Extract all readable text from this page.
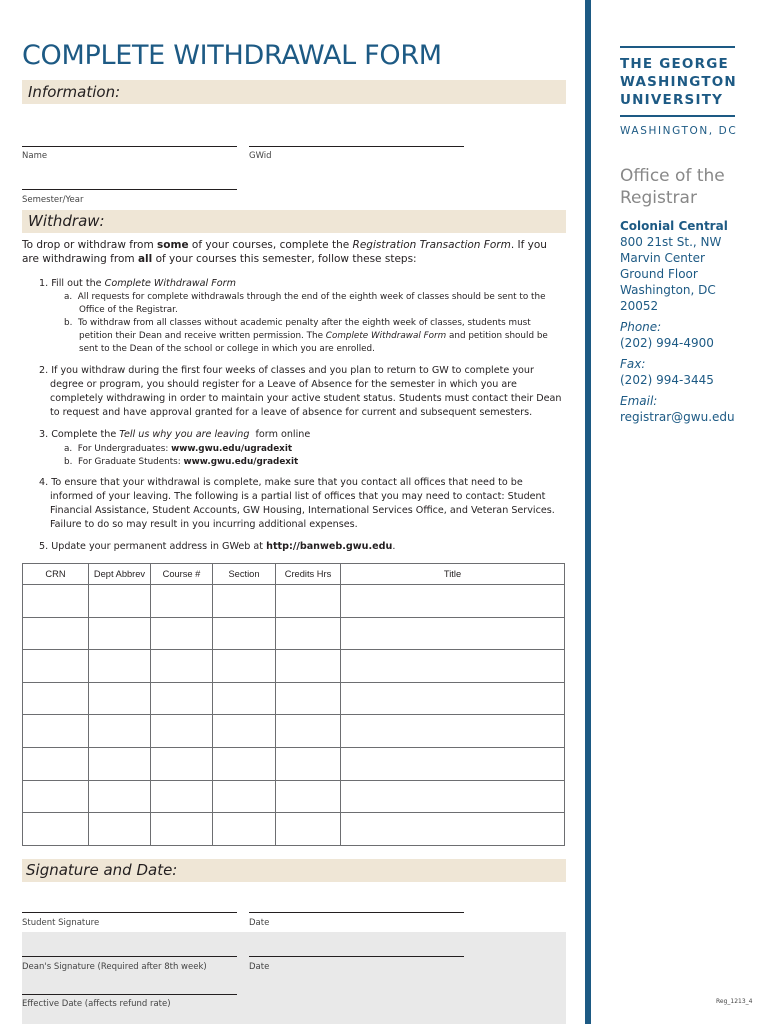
COMPLETE WITHDRAWAL FORM
Information:
Name	GWid
Semester/Year
Withdraw:

To drop or withdraw from some of your courses, complete the Registration Transaction Form. If you are withdrawing from all of your courses this semester, follow these steps:

1. Fill out the Complete Withdrawal Form

a.  All requests for complete withdrawals through the end of the eighth week of classes should be sent to the Office of the Registrar.

b.  To withdraw from all classes without academic penalty after the eighth week of classes, students must petition their Dean and receive written permission. The Complete Withdrawal Form and petition should be sent to the Dean of the school or college in which you are enrolled.

2. If you withdraw during the first four weeks of classes and you plan to return to GW to complete your degree or program, you should register for a Leave of Absence for the semester in which you are completely withdrawing in order to maintain your active student status. Students must contact their Dean to request and have approval granted for a leave of absence for current and subsequent semesters.

3. Complete the Tell us why you are leaving  form online

a.  For Undergraduates: www.gwu.edu/ugradexit

b.  For Graduate Students: www.gwu.edu/gradexit

4. To ensure that your withdrawal is complete, make sure that you contact all offices that need to be informed of your leaving. The following is a partial list of offices that you may need to contact: Student Financial Assistance, Student Accounts, GW Housing, International Services Office, and Veteran Services. Failure to do so may result in you incurring additional expenses.

5. Update your permanent address in GWeb at http://banweb.gwu.edu.

CRN	Dept Abbrev	Course #	Section	Credits Hrs	Title

Signature and Date:
Student Signature	Date
Dean's Signature (Required after 8th week)	Date
Effective Date (affects refund rate)
THE GEORGE
WASHINGTON
UNIVERSITY
WASHINGTON, DC
Office of the Registrar
Colonial Central
800 21st St., NW
Marvin Center
Ground Floor
Washington, DC
20052
Phone:
(202) 994-4900
Fax:
(202) 994-3445
Email:
registrar@gwu.edu
Reg_1213_4
